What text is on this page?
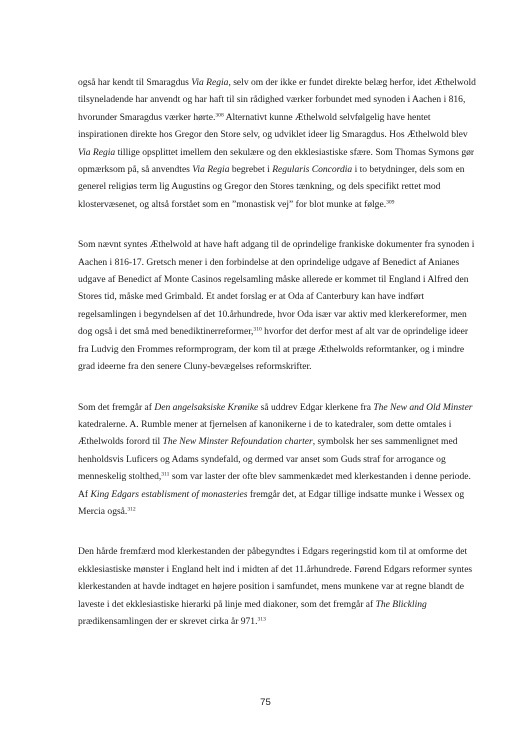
også har kendt til Smaragdus Via Regia, selv om der ikke er fundet direkte belæg herfor, idet Æthelwold tilsyneladende har anvendt og har haft til sin rådighed værker forbundet med synoden i Aachen i 816, hvorunder Smaragdus værker hørte.$^{308}$ Alternativt kunne Æthelwold selvfølgelig have hentet inspirationen direkte hos Gregor den Store selv, og udviklet ideer lig Smaragdus. Hos Æthelwold blev Via Regia tillige opsplittet imellem den sekulære og den ekklesiastiske sfære. Som Thomas Symons gør opmærksom på, så anvendtes Via Regia begrebet i Regularis Concordia i to betydninger, dels som en generel religiøs term lig Augustins og Gregor den Stores tænkning, og dels specifikt rettet mod klostervæsenet, og altså forstået som en ”monastisk vej” for blot munke at følge.$^{309}$

Som nævnt syntes Æthelwold at have haft adgang til de oprindelige frankiske dokumenter fra synoden i Aachen i 816-17. Gretsch mener i den forbindelse at den oprindelige udgave af Benedict af Anianes udgave af Benedict af Monte Casinos regelsamling måske allerede er kommet til England i Alfred den Stores tid, måske med Grimbald. Et andet forslag er at Oda af Canterbury kan have indført regelsamlingen i begyndelsen af det 10.århundrede, hvor Oda især var aktiv med klerkereformer, men dog også i det små med benediktinerreformer,$^{310}$ hvorfor det derfor mest af alt var de oprindelige ideer fra Ludvig den Frommes reformprogram, der kom til at præge Æthelwolds reformtanker, og i mindre grad ideerne fra den senere Cluny-bevægelses reformskrifter.

Som det fremgår af Den angelsaksiske Krønike så uddrev Edgar klerkene fra The New and Old Minster katedralerne. A. Rumble mener at fjernelsen af kanonikerne i de to katedraler, som dette omtales i Æthelwolds forord til The New Minster Refoundation charter, symbolsk her ses sammenlignet med henholdsvis Luficers og Adams syndefald, og dermed var anset som Guds straf for arrogance og menneskelig stolthed,$^{311}$ som var laster der ofte blev sammenkædet med klerkestanden i denne periode. Af King Edgars establisment of monasteries fremgår det, at Edgar tillige indsatte munke i Wessex og Mercia også.$^{312}$

Den hårde fremfærd mod klerkestanden der påbegyndtes i Edgars regeringstid kom til at omforme det ekklesiastiske mønster i England helt ind i midten af det 11.århundrede. Førend Edgars reformer syntes klerkestanden at havde indtaget en højere position i samfundet, mens munkene var at regne blandt de laveste i det ekklesiastiske hierarki på linje med diakoner, som det fremgår af The Blickling prædikensamlingen der er skrevet cirka år 971.$^{313}$

75
